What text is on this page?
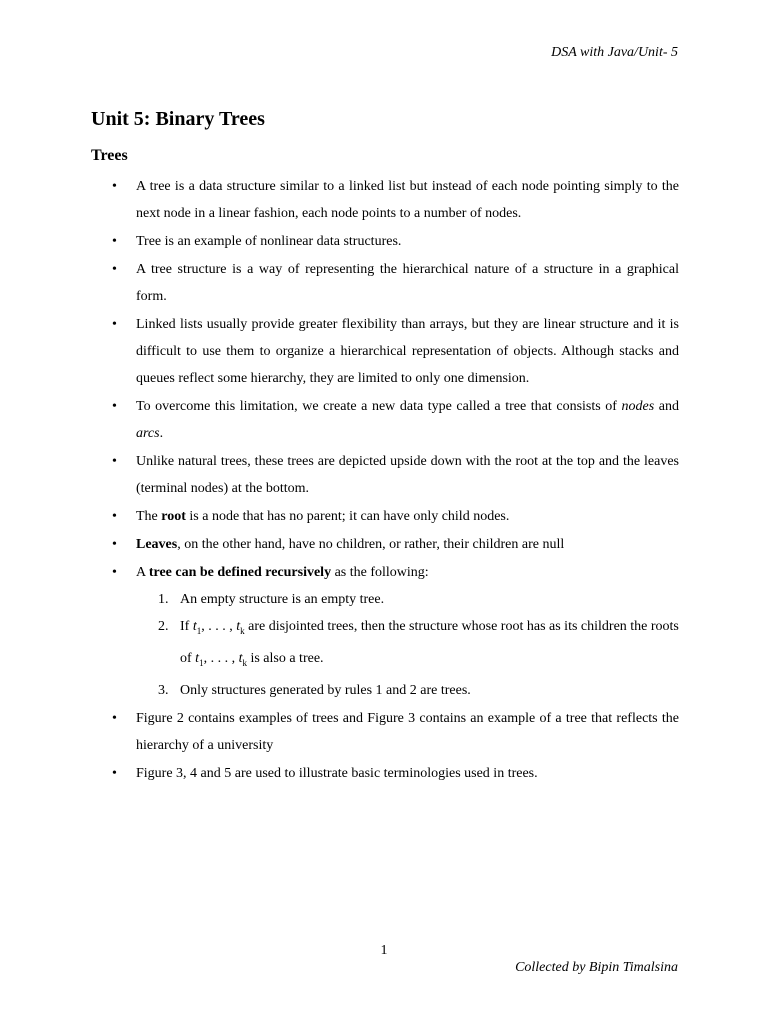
DSA with Java/Unit- 5
Unit 5: Binary Trees
Trees
• A tree is a data structure similar to a linked list but instead of each node pointing simply to the next node in a linear fashion, each node points to a number of nodes.
• Tree is an example of nonlinear data structures.
• A tree structure is a way of representing the hierarchical nature of a structure in a graphical form.
• Linked lists usually provide greater flexibility than arrays, but they are linear structure and it is difficult to use them to organize a hierarchical representation of objects. Although stacks and queues reflect some hierarchy, they are limited to only one dimension.
• To overcome this limitation, we create a new data type called a tree that consists of nodes and arcs.
• Unlike natural trees, these trees are depicted upside down with the root at the top and the leaves (terminal nodes) at the bottom.
• The root is a node that has no parent; it can have only child nodes.
• Leaves, on the other hand, have no children, or rather, their children are null
• A tree can be defined recursively as the following:
1. An empty structure is an empty tree.
2. If $t_1$, . . . , $t_k$ are disjointed trees, then the structure whose root has as its children the roots of $t_1$, . . . , $t_k$ is also a tree.
3. Only structures generated by rules 1 and 2 are trees.
• Figure 2 contains examples of trees and Figure 3 contains an example of a tree that reflects the hierarchy of a university
• Figure 3, 4 and 5 are used to illustrate basic terminologies used in trees.
1
Collected by Bipin Timalsina
